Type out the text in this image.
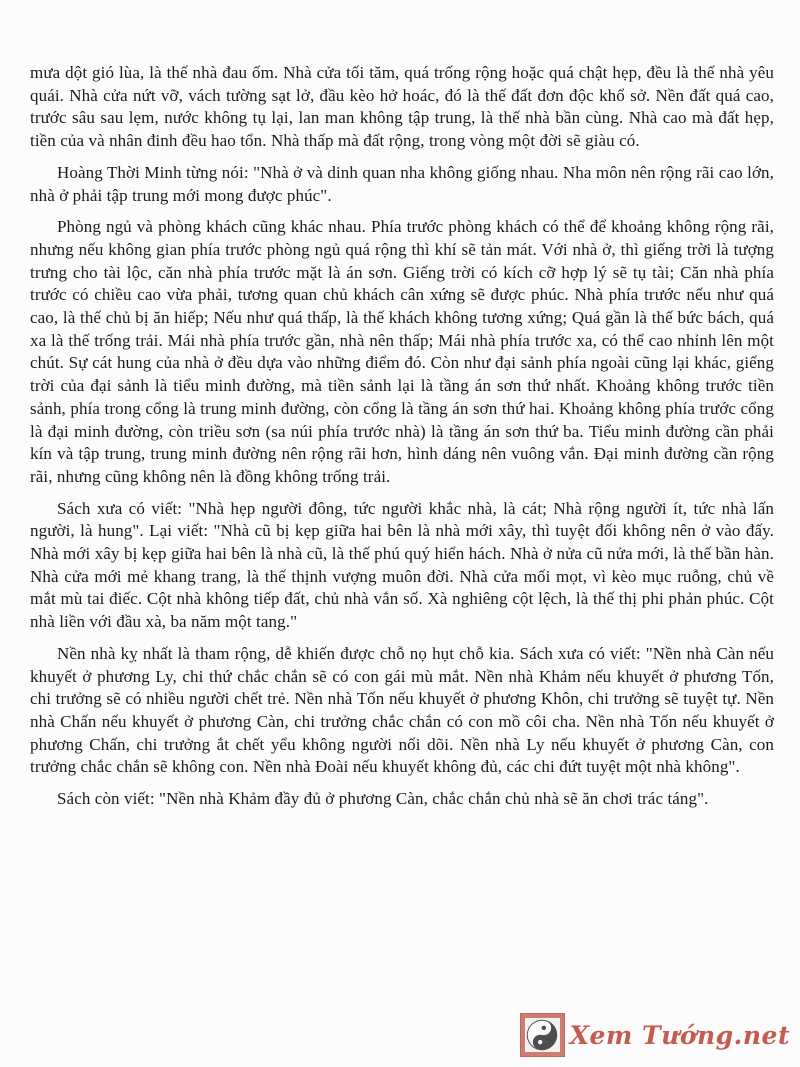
mưa dột gió lùa, là thế nhà đau ốm. Nhà cửa tối tăm, quá trống rộng hoặc quá chật hẹp, đều là thế nhà yêu quái. Nhà cửa nứt vỡ, vách tường sạt lở, đầu kèo hở hoác, đó là thế đất đơn độc khổ sở. Nền đất quá cao, trước sâu sau lẹm, nước không tụ lại, lan man không tập trung, là thế nhà bần cùng. Nhà cao mà đất hẹp, tiền của và nhân đinh đều hao tổn. Nhà thấp mà đất rộng, trong vòng một đời sẽ giàu có.

Hoàng Thời Minh từng nói: "Nhà ở và dinh quan nha không giống nhau. Nha môn nên rộng rãi cao lớn, nhà ở phải tập trung mới mong được phúc".

Phòng ngủ và phòng khách cũng khác nhau. Phía trước phòng khách có thể để khoảng không rộng rãi, nhưng nếu không gian phía trước phòng ngủ quá rộng thì khí sẽ tản mát. Với nhà ở, thì giếng trời là tượng trưng cho tài lộc, căn nhà phía trước mặt là án sơn. Giếng trời có kích cỡ hợp lý sẽ tụ tài; Căn nhà phía trước có chiều cao vừa phải, tương quan chủ khách cân xứng sẽ được phúc. Nhà phía trước nếu như quá cao, là thế chủ bị ăn hiếp; Nếu như quá thấp, là thế khách không tương xứng; Quá gần là thế bức bách, quá xa là thế trống trải. Mái nhà phía trước gần, nhà nên thấp; Mái nhà phía trước xa, có thể cao nhỉnh lên một chút. Sự cát hung của nhà ở đều dựa vào những điểm đó. Còn như đại sảnh phía ngoài cũng lại khác, giếng trời của đại sảnh là tiểu minh đường, mà tiền sảnh lại là tầng án sơn thứ nhất. Khoảng không trước tiền sảnh, phía trong cổng là trung minh đường, còn cổng là tầng án sơn thứ hai. Khoảng không phía trước cổng là đại minh đường, còn triều sơn (sa núi phía trước nhà) là tầng án sơn thứ ba. Tiểu minh đường cần phải kín và tập trung, trung minh đường nên rộng rãi hơn, hình dáng nên vuông vắn. Đại minh đường cần rộng rãi, nhưng cũng không nên là đồng không trống trải.

Sách xưa có viết: "Nhà hẹp người đông, tức người khắc nhà, là cát; Nhà rộng người ít, tức nhà lấn người, là hung". Lại viết: "Nhà cũ bị kẹp giữa hai bên là nhà mới xây, thì tuyệt đối không nên ở vào đấy. Nhà mới xây bị kẹp giữa hai bên là nhà cũ, là thế phú quý hiển hách. Nhà ở nửa cũ nửa mới, là thế bần hàn. Nhà cửa mới mẻ khang trang, là thế thịnh vượng muôn đời. Nhà cửa mối mọt, vì kèo mục ruỗng, chủ về mắt mù tai điếc. Cột nhà không tiếp đất, chủ nhà vắn số. Xà nghiêng cột lệch, là thế thị phi phản phúc. Cột nhà liền với đầu xà, ba năm một tang."

Nền nhà kỵ nhất là tham rộng, dễ khiến được chỗ nọ hụt chỗ kia. Sách xưa có viết: "Nền nhà Càn nếu khuyết ở phương Ly, chi thứ chắc chắn sẽ có con gái mù mắt. Nền nhà Khảm nếu khuyết ở phương Tốn, chi trưởng sẽ có nhiều người chết trẻ. Nền nhà Tốn nếu khuyết ở phương Khôn, chi trưởng sẽ tuyệt tự. Nền nhà Chấn nếu khuyết ở phương Càn, chi trưởng chắc chắn có con mồ côi cha. Nền nhà Tốn nếu khuyết ở phương Chấn, chi trưởng ắt chết yểu không người nối dõi. Nền nhà Ly nếu khuyết ở phương Càn, con trưởng chắc chắn sẽ không con. Nền nhà Đoài nếu khuyết không đủ, các chi đứt tuyệt một nhà không".

Sách còn viết: "Nền nhà Khảm đầy đủ ở phương Càn, chắc chắn chủ nhà sẽ ăn chơi trác táng".

Xem Tướng.net
